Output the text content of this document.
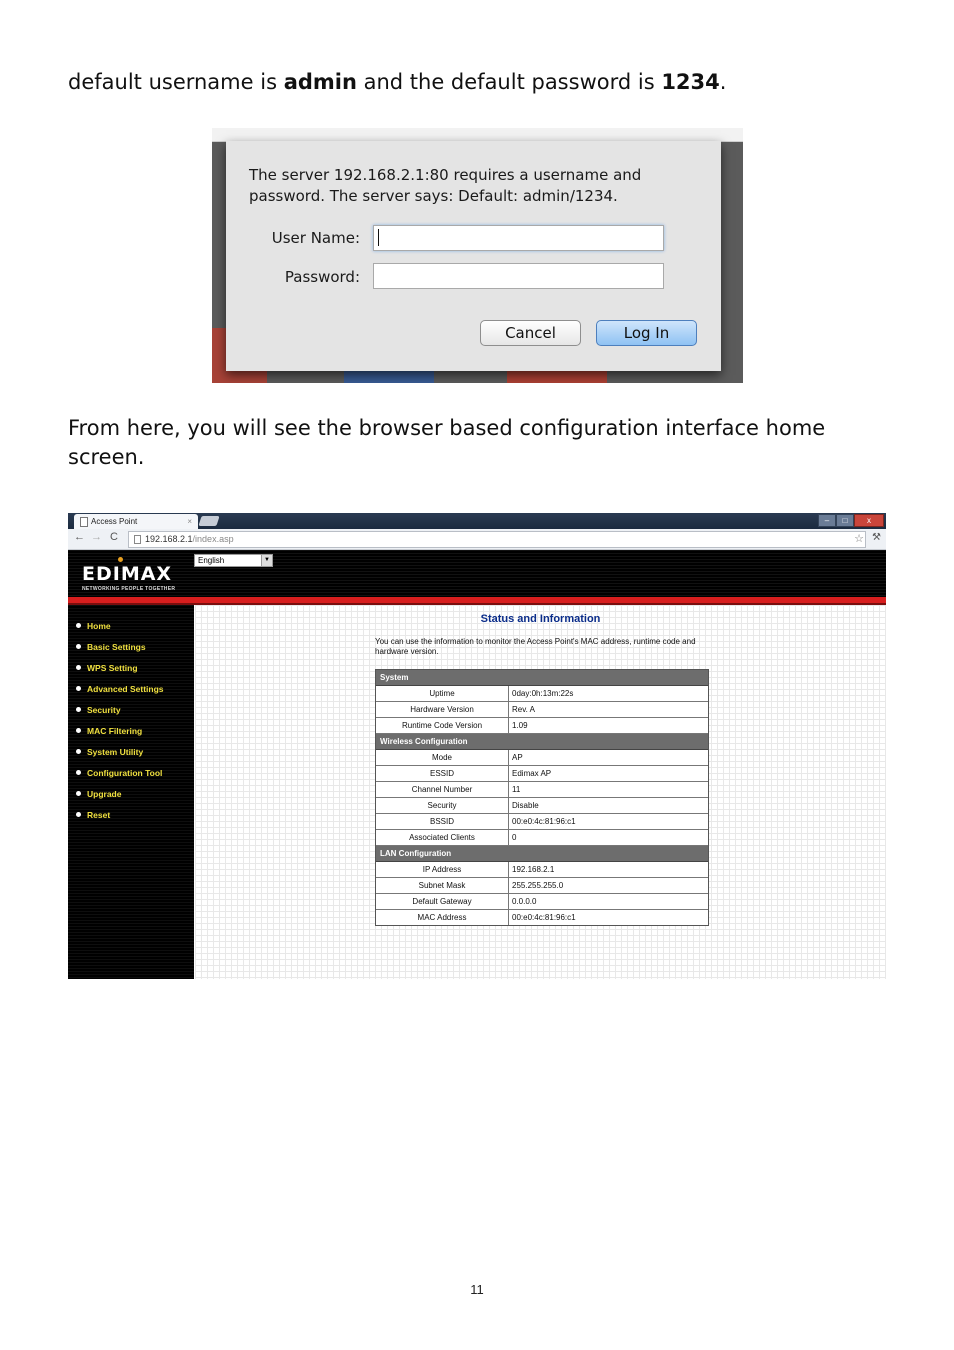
default username is admin and the default password is 1234.

The server 192.168.2.1:80 requires a username and password. The server says: Default: admin/1234.
User Name:
Password:
Cancel	Log In

From here, you will see the browser based configuration interface home screen.

Access Point	×	–	□	x
← → C	192.168.2.1/index.asp	☆ ⚒
EDIMAX
NETWORKING PEOPLE TOGETHER
English	▼
Home
Basic Settings
WPS Setting
Advanced Settings
Security
MAC Filtering
System Utility
Configuration Tool
Upgrade
Reset
Status and Information
You can use the information to monitor the Access Point's MAC address, runtime code and hardware version.
System
Uptime	0day:0h:13m:22s
Hardware Version	Rev. A
Runtime Code Version	1.09
Wireless Configuration
Mode	AP
ESSID	Edimax AP
Channel Number	11
Security	Disable
BSSID	00:e0:4c:81:96:c1
Associated Clients	0
LAN Configuration
IP Address	192.168.2.1
Subnet Mask	255.255.255.0
Default Gateway	0.0.0.0
MAC Address	00:e0:4c:81:96:c1
11
